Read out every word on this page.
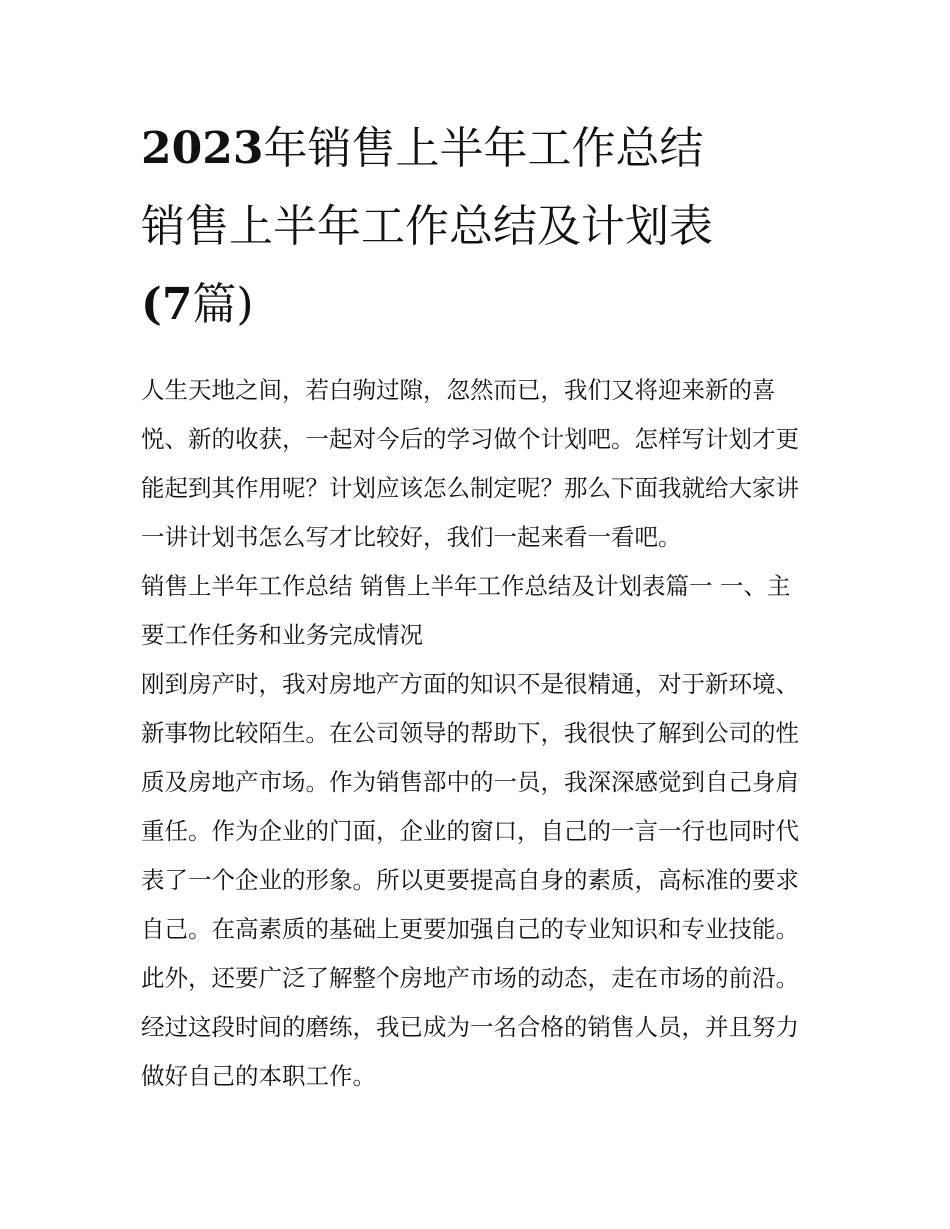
2023年销售上半年工作总结
销售上半年工作总结及计划表
(7篇)

人生天地之间，若白驹过隙，忽然而已，我们又将迎来新的喜悦、新的收获，一起对今后的学习做个计划吧。怎样写计划才更能起到其作用呢？计划应该怎么制定呢？那么下面我就给大家讲一讲计划书怎么写才比较好，我们一起来看一看吧。

销售上半年工作总结 销售上半年工作总结及计划表篇一 一、主要工作任务和业务完成情况

刚到房产时，我对房地产方面的知识不是很精通，对于新环境、新事物比较陌生。在公司领导的帮助下，我很快了解到公司的性质及房地产市场。作为销售部中的一员，我深深感觉到自己身肩重任。作为企业的门面，企业的窗口，自己的一言一行也同时代表了一个企业的形象。所以更要提高自身的素质，高标准的要求自己。在高素质的基础上更要加强自己的专业知识和专业技能。此外，还要广泛了解整个房地产市场的动态，走在市场的前沿。经过这段时间的磨练，我已成为一名合格的销售人员，并且努力做好自己的本职工作。
